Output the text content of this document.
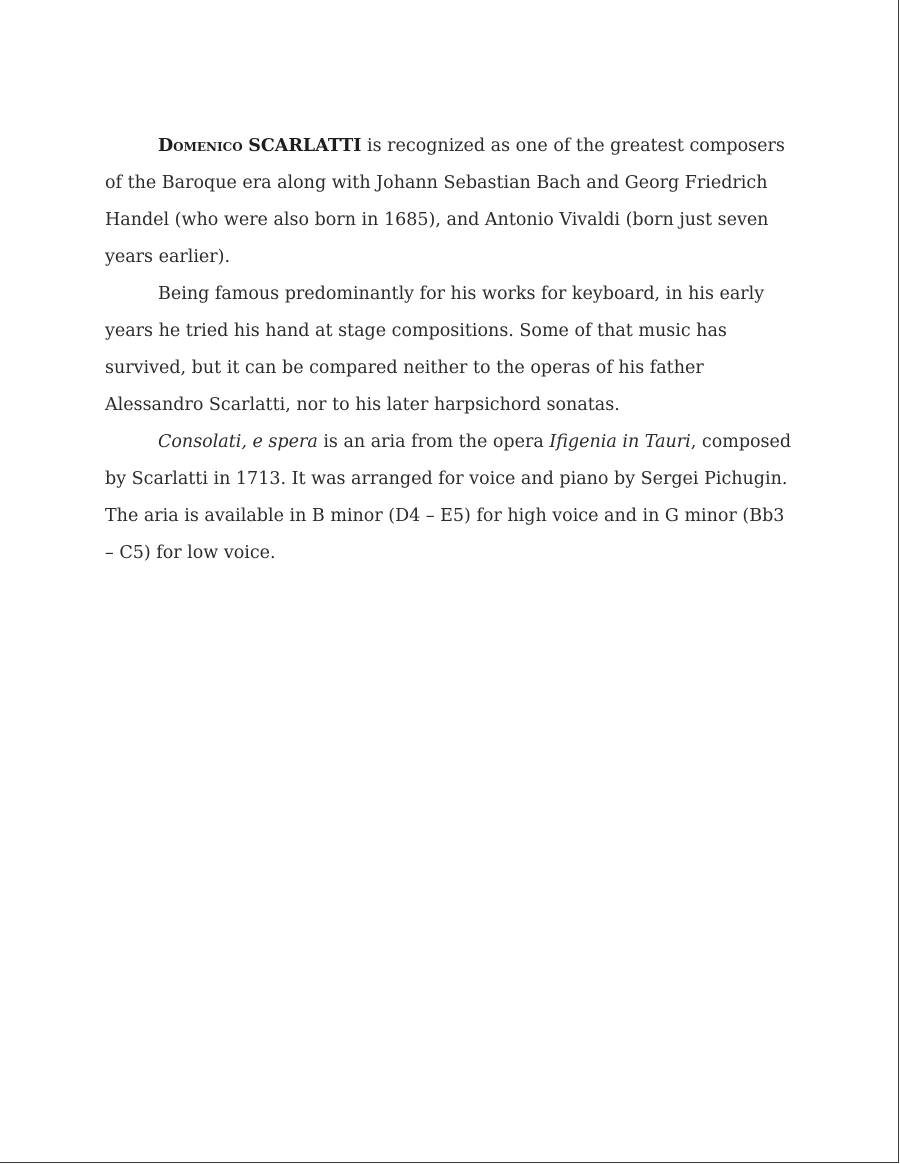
Domenico SCARLATTI is recognized as one of the greatest composers of the Baroque era along with Johann Sebastian Bach and Georg Friedrich Handel (who were also born in 1685), and Antonio Vivaldi (born just seven years earlier).

Being famous predominantly for his works for keyboard, in his early years he tried his hand at stage compositions. Some of that music has survived, but it can be compared neither to the operas of his father Alessandro Scarlatti, nor to his later harpsichord sonatas.

Consolati, e spera is an aria from the opera Ifigenia in Tauri, composed by Scarlatti in 1713. It was arranged for voice and piano by Sergei Pichugin. The aria is available in B minor (D4 – E5) for high voice and in G minor (Bb3 – C5) for low voice.
